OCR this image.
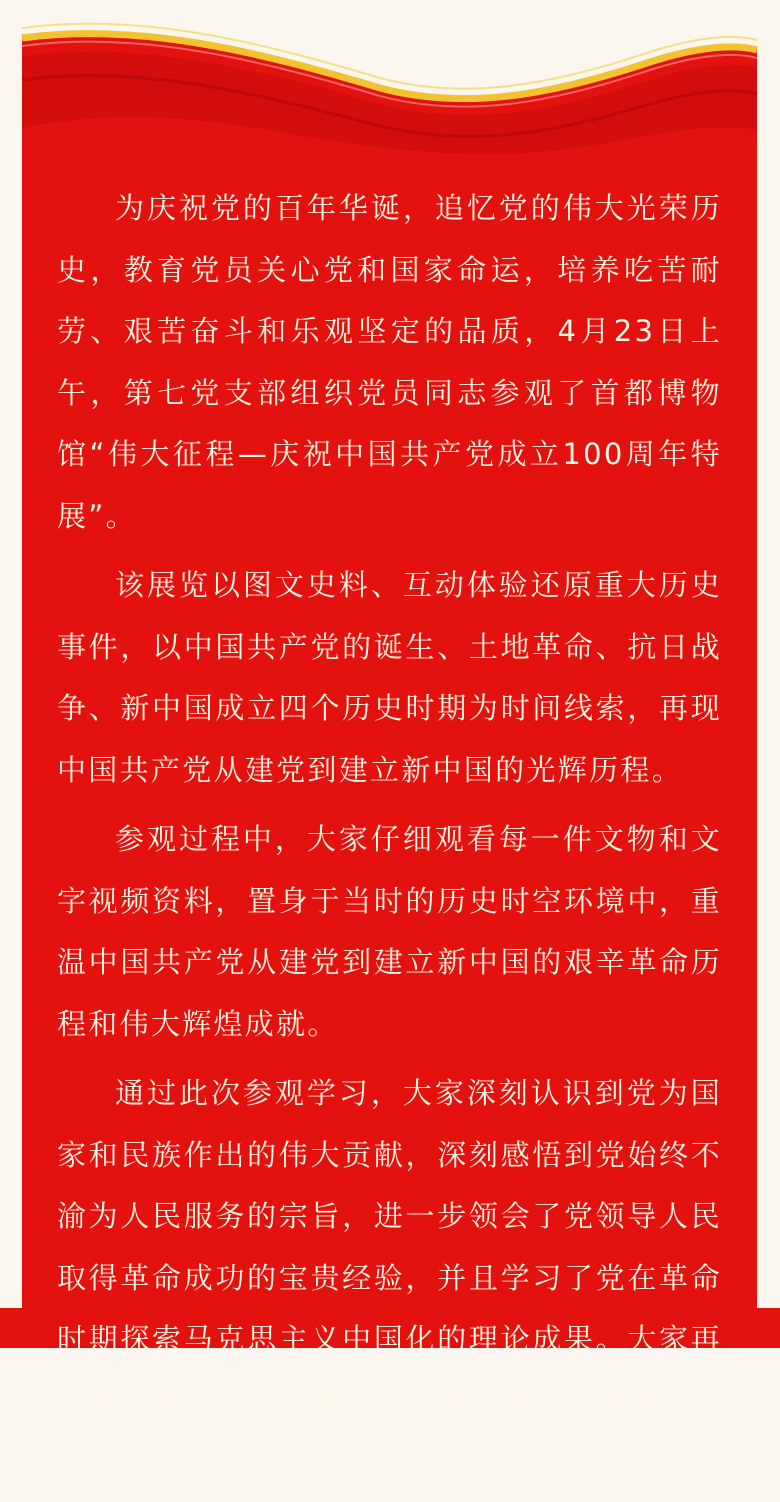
为庆祝党的百年华诞，追忆党的伟大光荣历史，教育党员关心党和国家命运，培养吃苦耐劳、艰苦奋斗和乐观坚定的品质，4月23日上午，第七党支部组织党员同志参观了首都博物馆“伟大征程—庆祝中国共产党成立100周年特展”。

该展览以图文史料、互动体验还原重大历史事件，以中国共产党的诞生、土地革命、抗日战争、新中国成立四个历史时期为时间线索，再现中国共产党从建党到建立新中国的光辉历程。

参观过程中，大家仔细观看每一件文物和文字视频资料，置身于当时的历史时空环境中，重温中国共产党从建党到建立新中国的艰辛革命历程和伟大辉煌成就。

通过此次参观学习，大家深刻认识到党为国家和民族作出的伟大贡献，深刻感悟到党始终不渝为人民服务的宗旨，进一步领会了党领导人民取得革命成功的宝贵经验，并且学习了党在革命时期探索马克思主义中国化的理论成果。大家再一次坚定了自己的信念，为今后的工作增添了动力。
